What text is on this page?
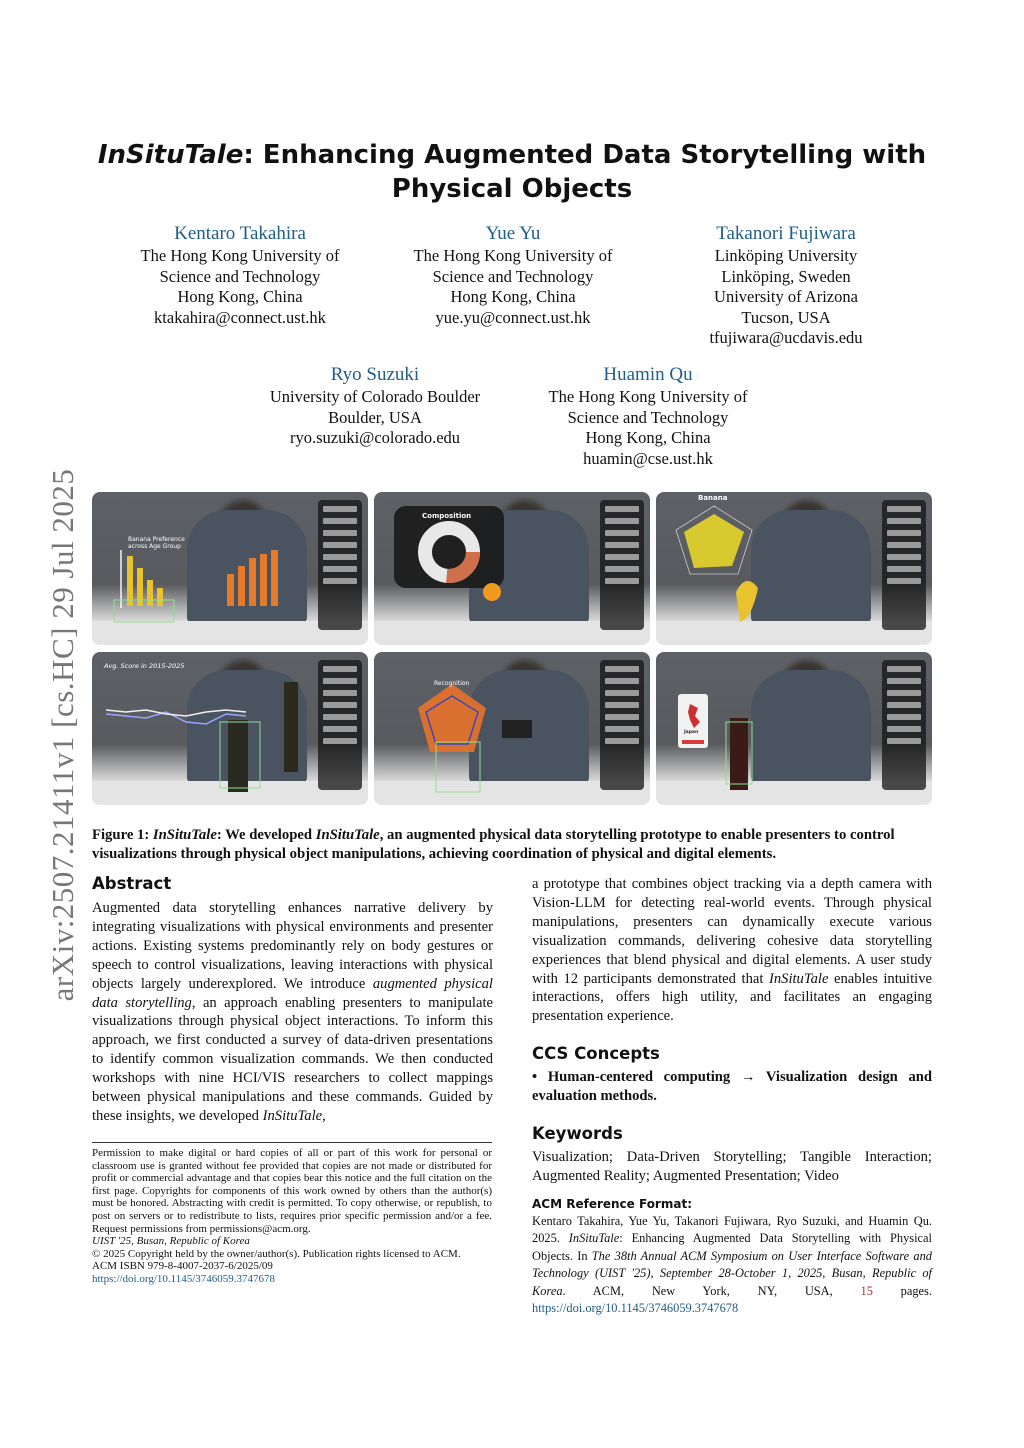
arXiv:2507.21411v1 [cs.HC] 29 Jul 2025
InSituTale: Enhancing Augmented Data Storytelling with
Physical Objects
Kentaro Takahira
The Hong Kong University of
Science and Technology
Hong Kong, China
ktakahira@connect.ust.hk
Yue Yu
The Hong Kong University of
Science and Technology
Hong Kong, China
yue.yu@connect.ust.hk
Takanori Fujiwara
Linköping University
Linköping, Sweden
University of Arizona
Tucson, USA
tfujiwara@ucdavis.edu
Ryo Suzuki
University of Colorado Boulder
Boulder, USA
ryo.suzuki@colorado.edu
Huamin Qu
The Hong Kong University of
Science and Technology
Hong Kong, China
huamin@cse.ust.hk
Banana Preference across Age Group
Composition
Banana
Avg. Score in 2015-2025
Recognition
Japan
Figure 1: InSituTale: We developed InSituTale, an augmented physical data storytelling prototype to enable presenters to control visualizations through physical object manipulations, achieving coordination of physical and digital elements.
Abstract
Augmented data storytelling enhances narrative delivery by integrating visualizations with physical environments and presenter actions. Existing systems predominantly rely on body gestures or speech to control visualizations, leaving interactions with physical objects largely underexplored. We introduce augmented physical data storytelling, an approach enabling presenters to manipulate visualizations through physical object interactions. To inform this approach, we first conducted a survey of data-driven presentations to identify common visualization commands. We then conducted workshops with nine HCI/VIS researchers to collect mappings between physical manipulations and these commands. Guided by these insights, we developed InSituTale,
Permission to make digital or hard copies of all or part of this work for personal or classroom use is granted without fee provided that copies are not made or distributed for profit or commercial advantage and that copies bear this notice and the full citation on the first page. Copyrights for components of this work owned by others than the author(s) must be honored. Abstracting with credit is permitted. To copy otherwise, or republish, to post on servers or to redistribute to lists, requires prior specific permission and/or a fee. Request permissions from permissions@acm.org.
UIST '25, Busan, Republic of Korea
© 2025 Copyright held by the owner/author(s). Publication rights licensed to ACM.
ACM ISBN 979-8-4007-2037-6/2025/09
https://doi.org/10.1145/3746059.3747678
a prototype that combines object tracking via a depth camera with Vision-LLM for detecting real-world events. Through physical manipulations, presenters can dynamically execute various visualization commands, delivering cohesive data storytelling experiences that blend physical and digital elements. A user study with 12 participants demonstrated that InSituTale enables intuitive interactions, offers high utility, and facilitates an engaging presentation experience.
CCS Concepts
• Human-centered computing → Visualization design and evaluation methods.
Keywords
Visualization; Data-Driven Storytelling; Tangible Interaction; Augmented Reality; Augmented Presentation; Video
ACM Reference Format:
Kentaro Takahira, Yue Yu, Takanori Fujiwara, Ryo Suzuki, and Huamin Qu. 2025. InSituTale: Enhancing Augmented Data Storytelling with Physical Objects. In The 38th Annual ACM Symposium on User Interface Software and Technology (UIST '25), September 28-October 1, 2025, Busan, Republic of Korea. ACM, New York, NY, USA, 15 pages. https://doi.org/10.1145/3746059.3747678
